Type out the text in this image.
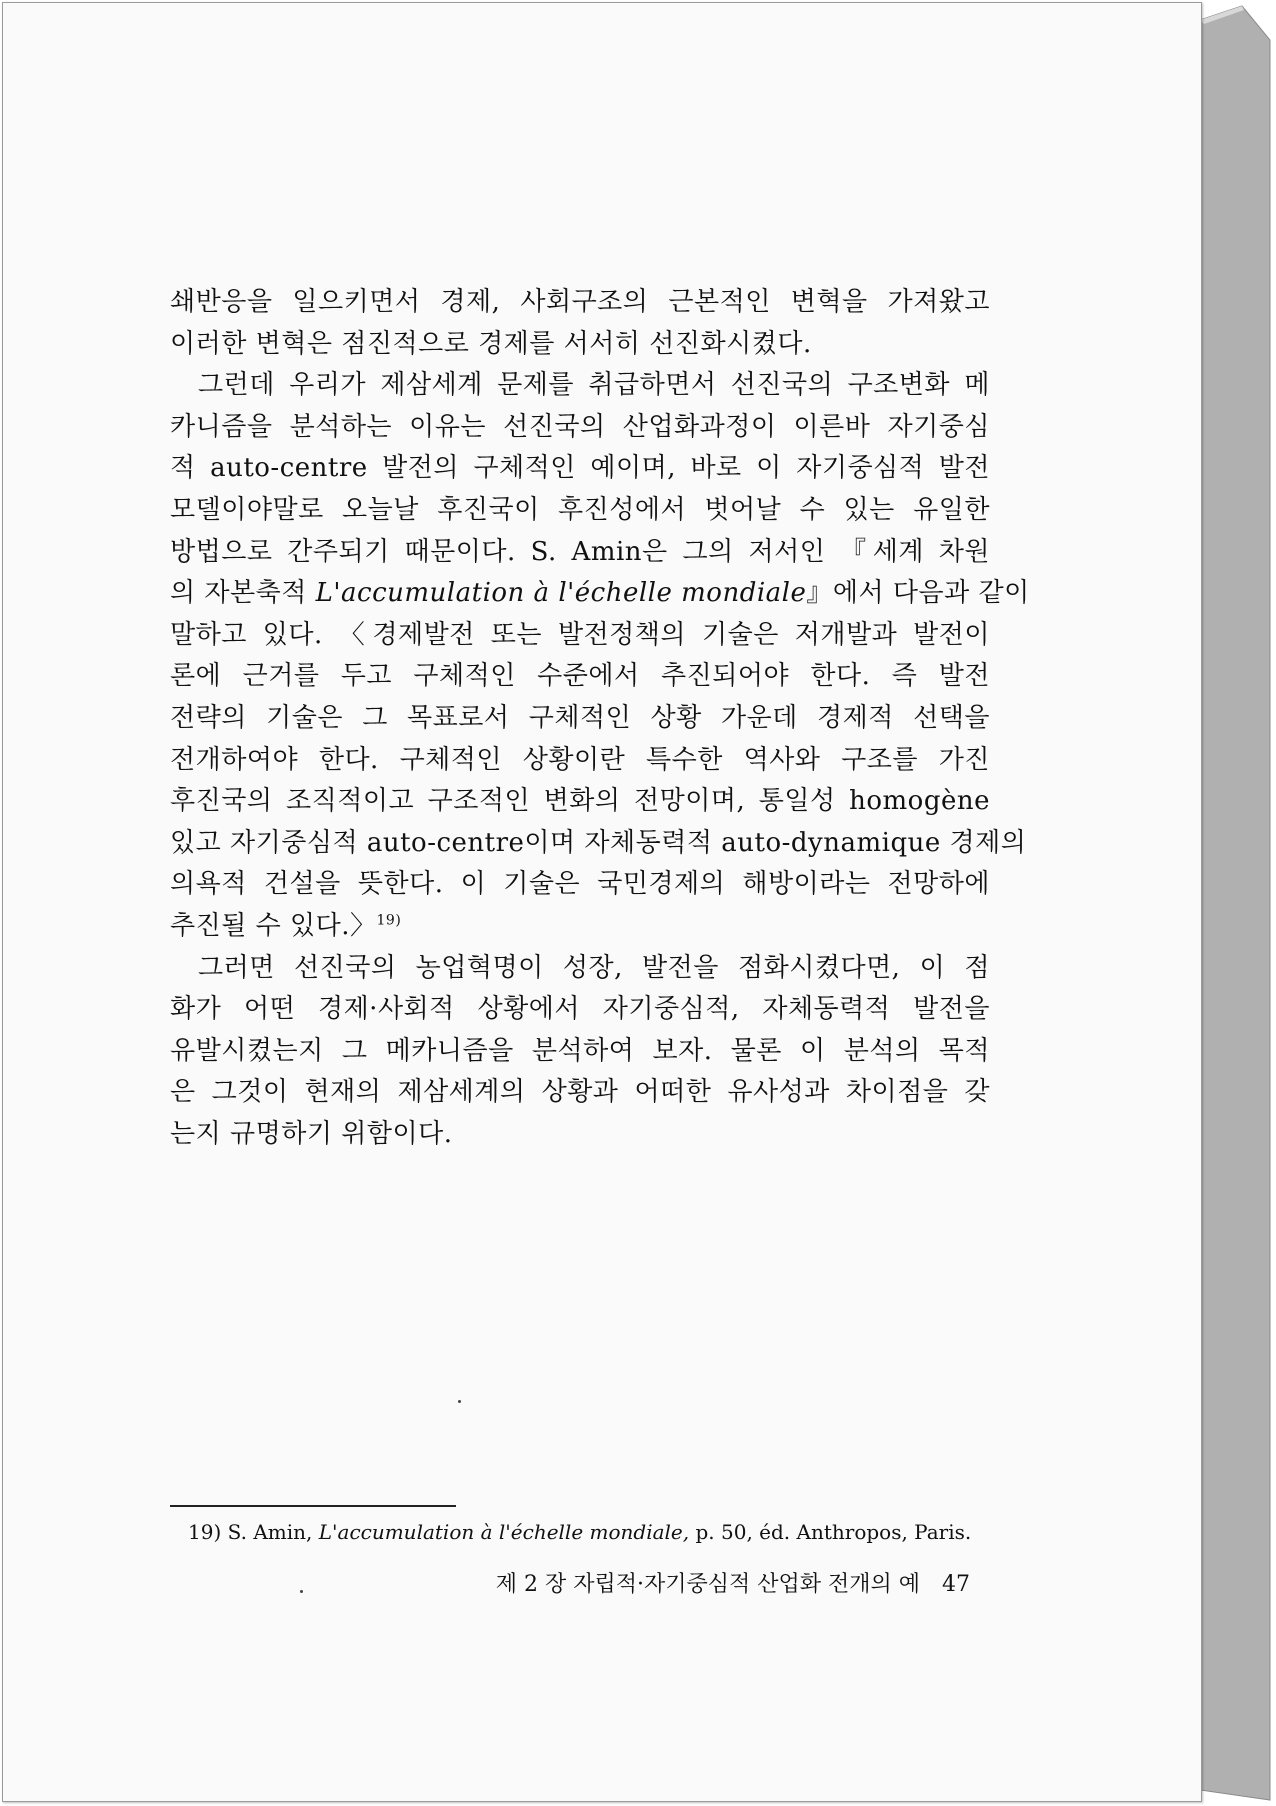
쇄반응을 일으키면서 경제, 사회구조의 근본적인 변혁을 가져왔고
이러한 변혁은 점진적으로 경제를 서서히 선진화시켰다.
그런데 우리가 제삼세계 문제를 취급하면서 선진국의 구조변화 메
카니즘을 분석하는 이유는 선진국의 산업화과정이 이른바 자기중심
적 auto-centre 발전의 구체적인 예이며, 바로 이 자기중심적 발전
모델이야말로 오늘날 후진국이 후진성에서 벗어날 수 있는 유일한
방법으로 간주되기 때문이다. S. Amin은 그의 저서인 『세계 차원
의 자본축적 L'accumulation à l'échelle mondiale』에서 다음과 같이
말하고 있다. 〈경제발전 또는 발전정책의 기술은 저개발과 발전이
론에 근거를 두고 구체적인 수준에서 추진되어야 한다. 즉 발전
전략의 기술은 그 목표로서 구체적인 상황 가운데 경제적 선택을
전개하여야 한다. 구체적인 상황이란 특수한 역사와 구조를 가진
후진국의 조직적이고 구조적인 변화의 전망이며, 통일성 homogène
있고 자기중심적 auto-centre이며 자체동력적 auto-dynamique 경제의
의욕적 건설을 뜻한다. 이 기술은 국민경제의 해방이라는 전망하에
추진될 수 있다.〉$^{19)}$
그러면 선진국의 농업혁명이 성장, 발전을 점화시켰다면, 이 점
화가 어떤 경제·사회적 상황에서 자기중심적, 자체동력적 발전을
유발시켰는지 그 메카니즘을 분석하여 보자. 물론 이 분석의 목적
은 그것이 현재의 제삼세계의 상황과 어떠한 유사성과 차이점을 갖
는지 규명하기 위함이다.
19) S. Amin, L'accumulation à l'échelle mondiale, p. 50, éd. Anthropos, Paris.
제 2 장 자립적·자기중심적 산업화 전개의 예 47
